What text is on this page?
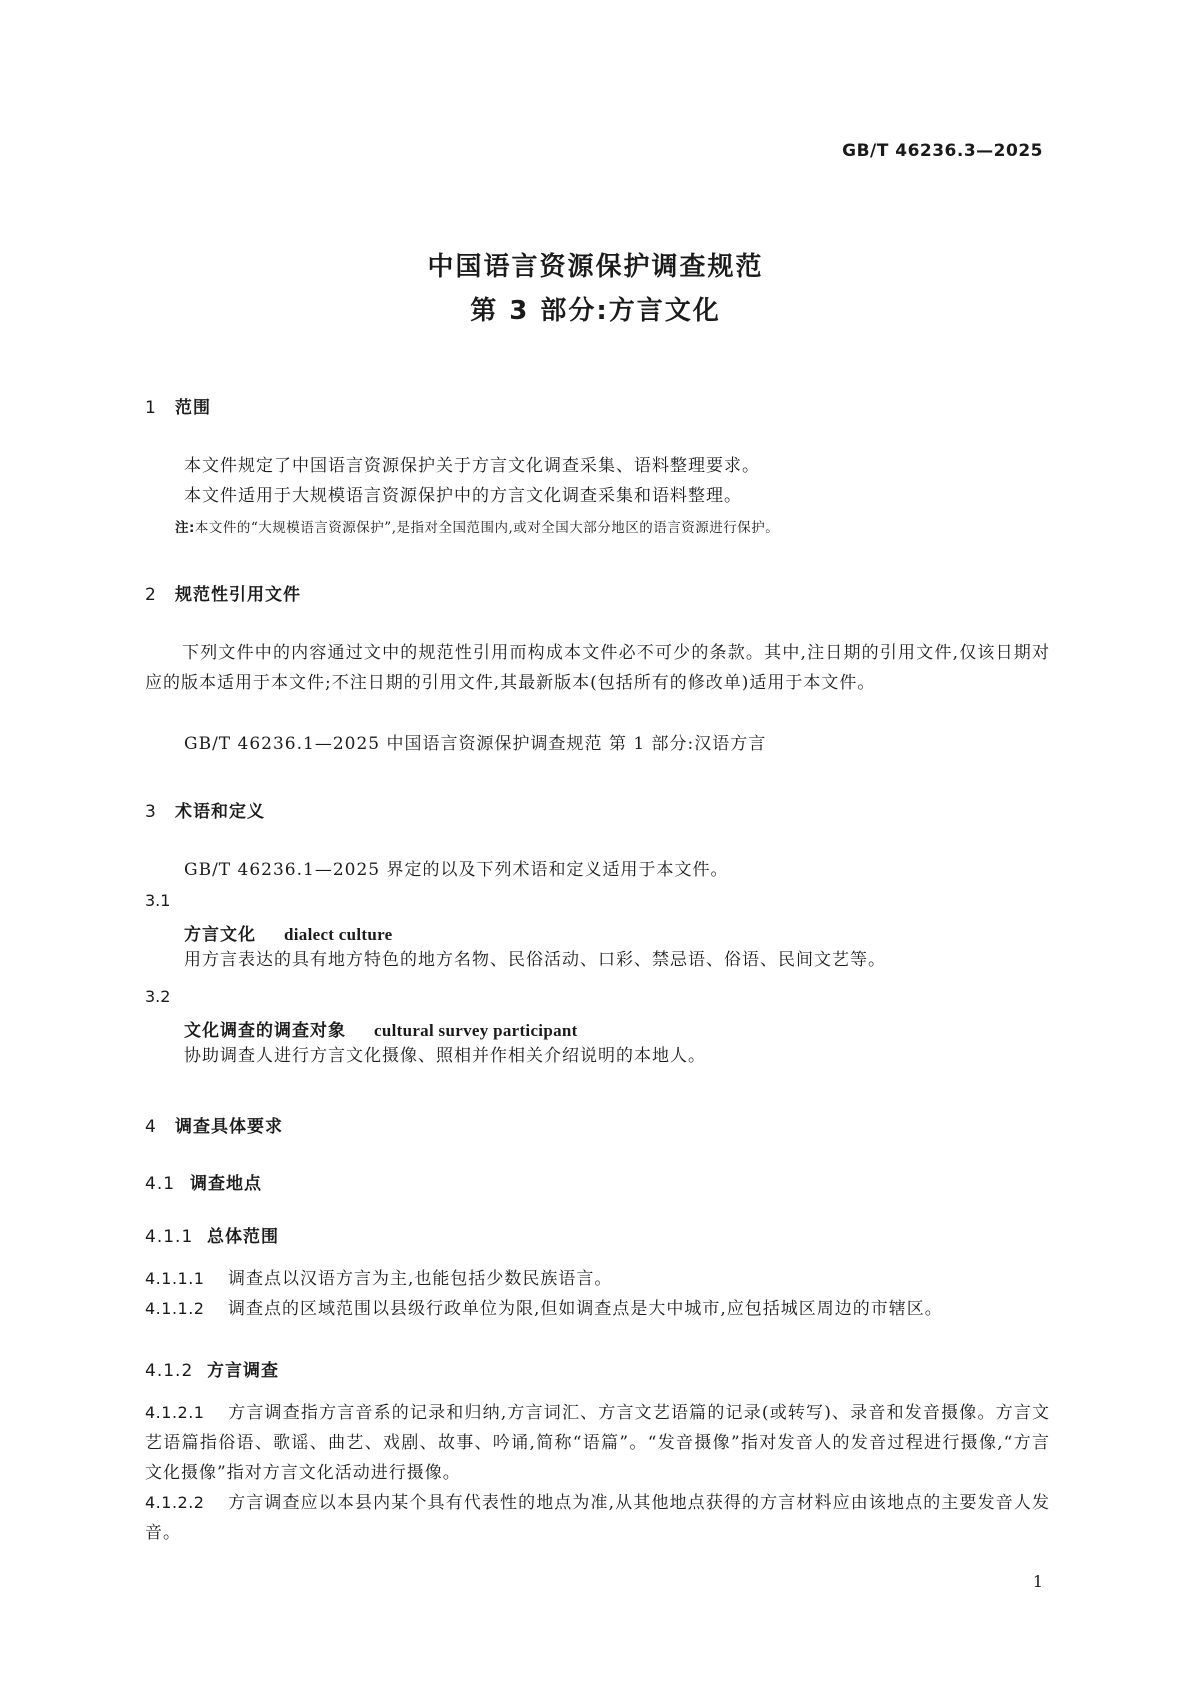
GB/T 46236.3—2025
中国语言资源保护调查规范
第 3 部分:方言文化
1 范围
本文件规定了中国语言资源保护关于方言文化调查采集、语料整理要求。
本文件适用于大规模语言资源保护中的方言文化调查采集和语料整理。
注:本文件的“大规模语言资源保护”,是指对全国范围内,或对全国大部分地区的语言资源进行保护。
2 规范性引用文件
下列文件中的内容通过文中的规范性引用而构成本文件必不可少的条款。其中,注日期的引用文件,仅该日期对应的版本适用于本文件;不注日期的引用文件,其最新版本(包括所有的修改单)适用于本文件。
GB/T 46236.1—2025 中国语言资源保护调查规范 第 1 部分:汉语方言
3 术语和定义
GB/T 46236.1—2025 界定的以及下列术语和定义适用于本文件。
3.1
方言文化 dialect culture
用方言表达的具有地方特色的地方名物、民俗活动、口彩、禁忌语、俗语、民间文艺等。
3.2
文化调查的调查对象 cultural survey participant
协助调查人进行方言文化摄像、照相并作相关介绍说明的本地人。
4 调查具体要求
4.1 调查地点
4.1.1 总体范围
4.1.1.1 调查点以汉语方言为主,也能包括少数民族语言。
4.1.1.2 调查点的区域范围以县级行政单位为限,但如调查点是大中城市,应包括城区周边的市辖区。
4.1.2 方言调查
4.1.2.1 方言调查指方言音系的记录和归纳,方言词汇、方言文艺语篇的记录(或转写)、录音和发音摄像。方言文艺语篇指俗语、歌谣、曲艺、戏剧、故事、吟诵,简称“语篇”。“发音摄像”指对发音人的发音过程进行摄像,“方言文化摄像”指对方言文化活动进行摄像。
4.1.2.2 方言调查应以本县内某个具有代表性的地点为准,从其他地点获得的方言材料应由该地点的主要发音人发音。
1
